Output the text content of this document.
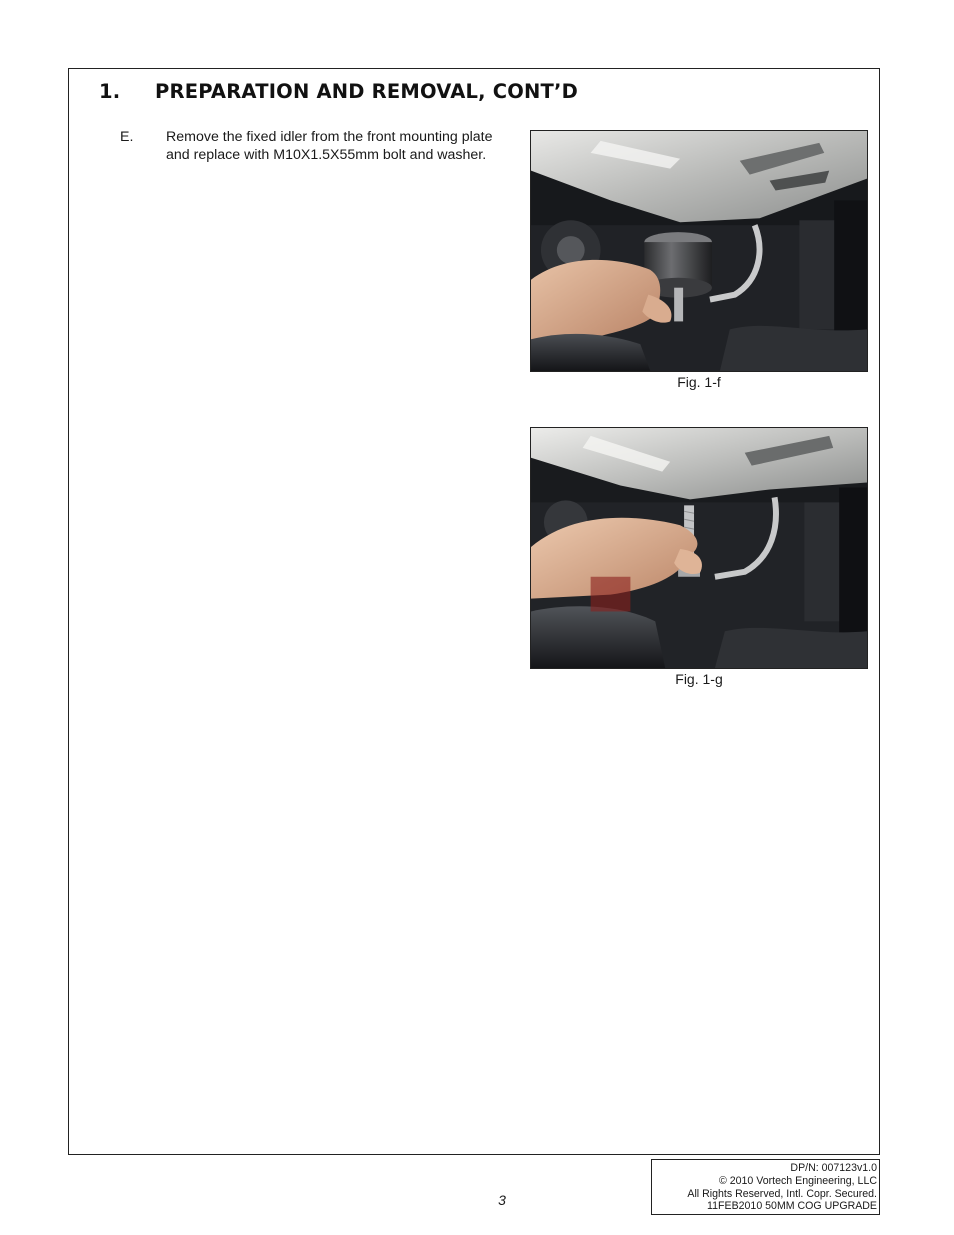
1.	PREPARATION AND REMOVAL, CONT’D
E.	Remove the fixed idler from the front mounting plate and replace with M10X1.5X55mm bolt and washer.
Fig. 1-f
Fig. 1-g
3
DP/N: 007123v1.0
© 2010 Vortech Engineering, LLC
All Rights Reserved, Intl. Copr. Secured.
11FEB2010 50MM COG UPGRADE
